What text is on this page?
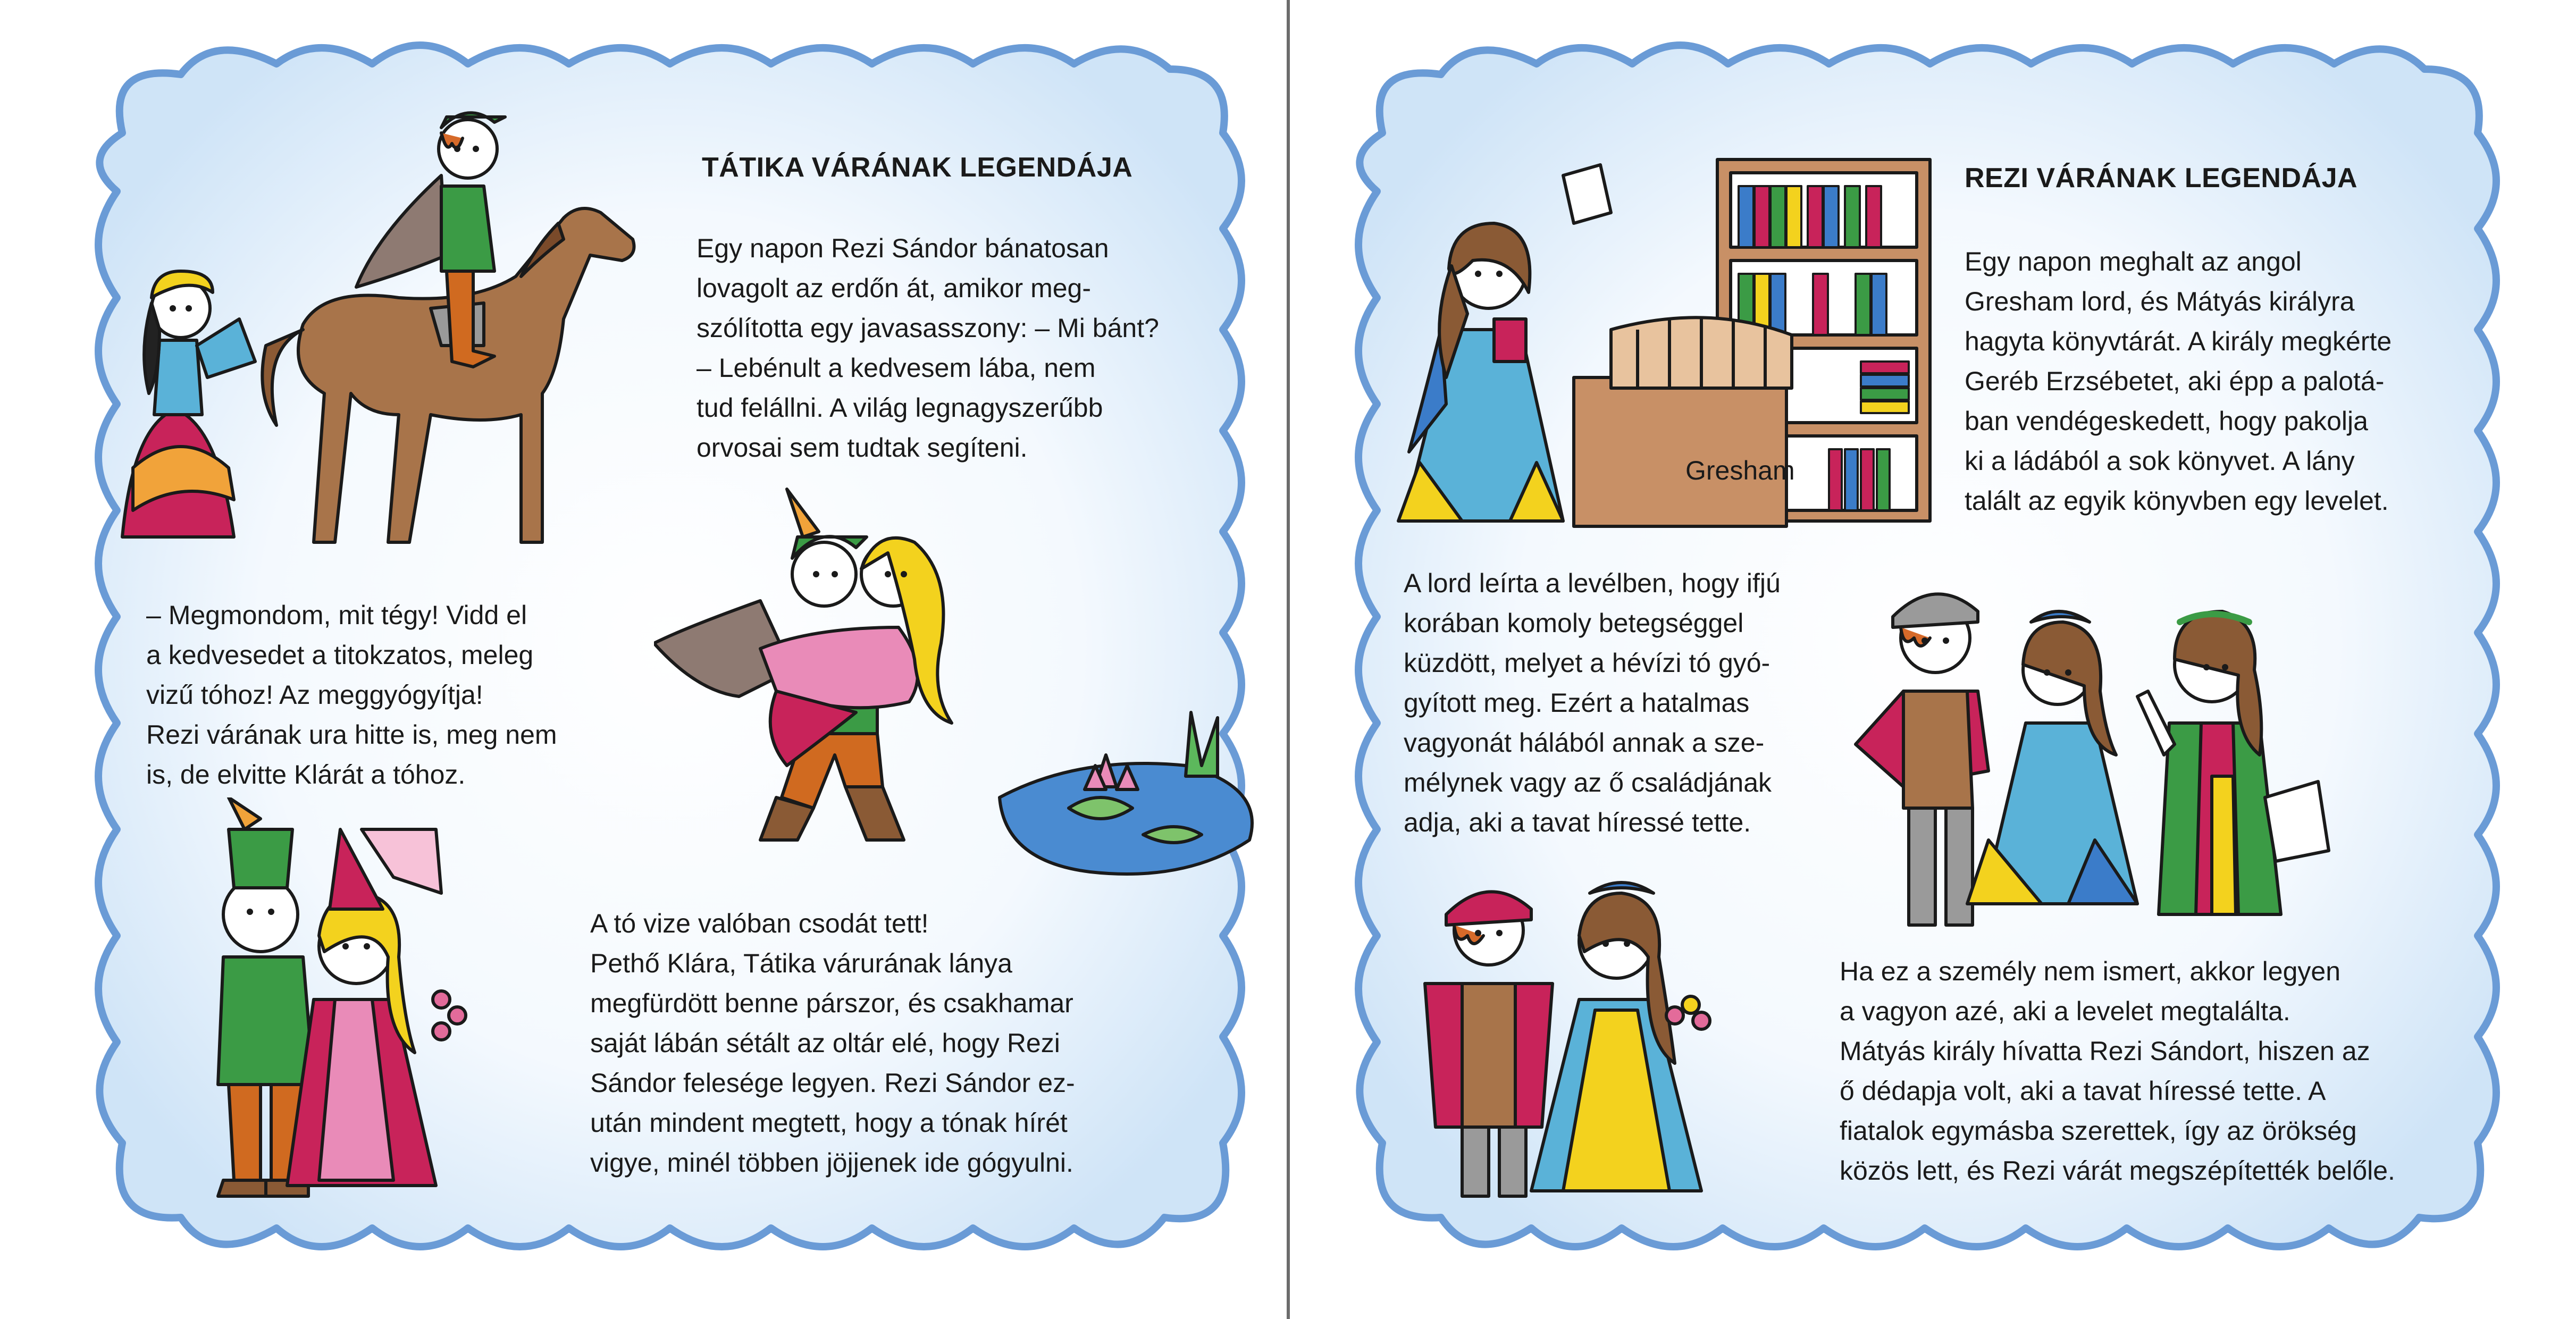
TÁTIKA VÁRÁNAK LEGENDÁJA
Egy napon Rezi Sándor bánatosan
lovagolt az erdőn át, amikor meg-
szólította egy javasasszony: – Mi bánt?
– Lebénult a kedvesem lába, nem
tud felállni. A világ legnagyszerűbb
orvosai sem tudtak segíteni.
– Megmondom, mit tégy! Vidd el
a kedvesedet a titokzatos, meleg
vizű tóhoz! Az meggyógyítja!
Rezi várának ura hitte is, meg nem
is, de elvitte Klárát a tóhoz.
A tó vize valóban csodát tett!
Pethő Klára, Tátika várurának lánya
megfürdött benne párszor, és csakhamar
saját lábán sétált az oltár elé, hogy Rezi
Sándor felesége legyen. Rezi Sándor ez-
után mindent megtett, hogy a tónak hírét
vigye, minél többen jöjjenek ide gógyulni.
REZI VÁRÁNAK LEGENDÁJA
Egy napon meghalt az angol
Gresham lord, és Mátyás királyra
hagyta könyvtárát. A király megkérte
Geréb Erzsébetet, aki épp a palotá-
ban vendégeskedett, hogy pakolja
ki a ládából a sok könyvet. A lány
talált az egyik könyvben egy levelet.
A lord leírta a levélben, hogy ifjú
korában komoly betegséggel
küzdött, melyet a hévízi tó gyó-
gyított meg. Ezért a hatalmas
vagyonát hálából annak a sze-
mélynek vagy az ő családjának
adja, aki a tavat híressé tette.
Ha ez a személy nem ismert, akkor legyen
a vagyon azé, aki a levelet megtalálta.
Mátyás király hívatta Rezi Sándort, hiszen az
ő dédapja volt, aki a tavat híressé tette. A
fiatalok egymásba szerettek, így az örökség
közös lett, és Rezi várát megszépítették belőle.
Gresham
